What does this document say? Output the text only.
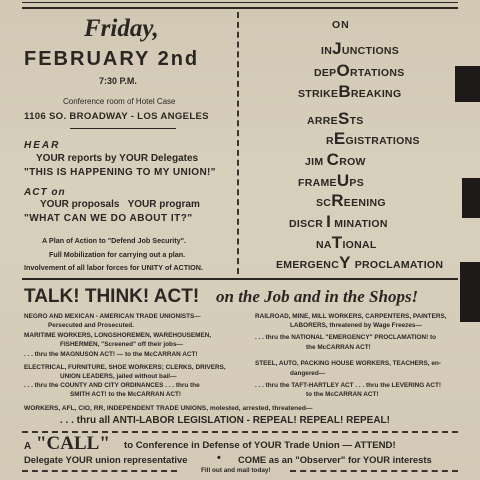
Friday,
FEBRUARY 2nd
7:30 P.M.
Conference room of Hotel Case
1106 SO. BROADWAY - LOS ANGELES
HEAR
YOUR reports by YOUR Delegates
"THIS IS HAPPENING TO MY UNION!"
ACT on
YOUR proposals   YOUR program
"WHAT CAN WE DO ABOUT IT?"
A Plan of Action to "Defend Job Security".
Full Mobilization for carrying out a plan.
Involvement of all labor forces for UNITY of ACTION.
ON
INJUNCTIONS
DEPORTATIONS
STRIKEBREAKING
ARRESTS
REGISTRATIONS
JIM CROW
FRAMEUPS
SCREENING
DISCR I MINATION
NATIONAL
EMERGENCY PROCLAMATION
TALK! THINK! ACT! on the Job and in the Shops!
NEGRO AND MEXICAN - AMERICAN TRADE UNIONISTS—
Persecuted and Prosecuted.
MARITIME WORKERS, LONGSHOREMEN, WAREHOUSEMEN,
FISHERMEN, "Screened" off their jobs—
. . . thru the MAGNUSON ACT! — to the McCARRAN ACT!
ELECTRICAL, FURNITURE, SHOE WORKERS; CLERKS, DRIVERS,
UNION LEADERS, jailed without bail—
. . . thru the COUNTY AND CITY ORDINANCES . . . thru the
SMITH ACT! to the McCARRAN ACT!
RAILROAD, MINE, MILL WORKERS, CARPENTERS, PAINTERS,
LABORERS, threatened by Wage Freezes—
. . . thru the NATIONAL "EMERGENCY" PROCLAMATION! to
the McCARRAN ACT!
STEEL, AUTO, PACKING HOUSE WORKERS, TEACHERS, en-
dangered—
. . . thru the TAFT-HARTLEY ACT . . . thru the LEVERING ACT!
to the McCARRAN ACT!
WORKERS, AFL, CIO, RR, INDEPENDENT TRADE UNIONS, molested, arrested, threatened—
. . . thru all ANTI-LABOR LEGISLATION - REPEAL! REPEAL! REPEAL!
A "CALL" to Conference in Defense of YOUR Trade Union — ATTEND!
Delegate YOUR union representative	• COME as an "Observer" for YOUR interests
Fill out and mail today!
